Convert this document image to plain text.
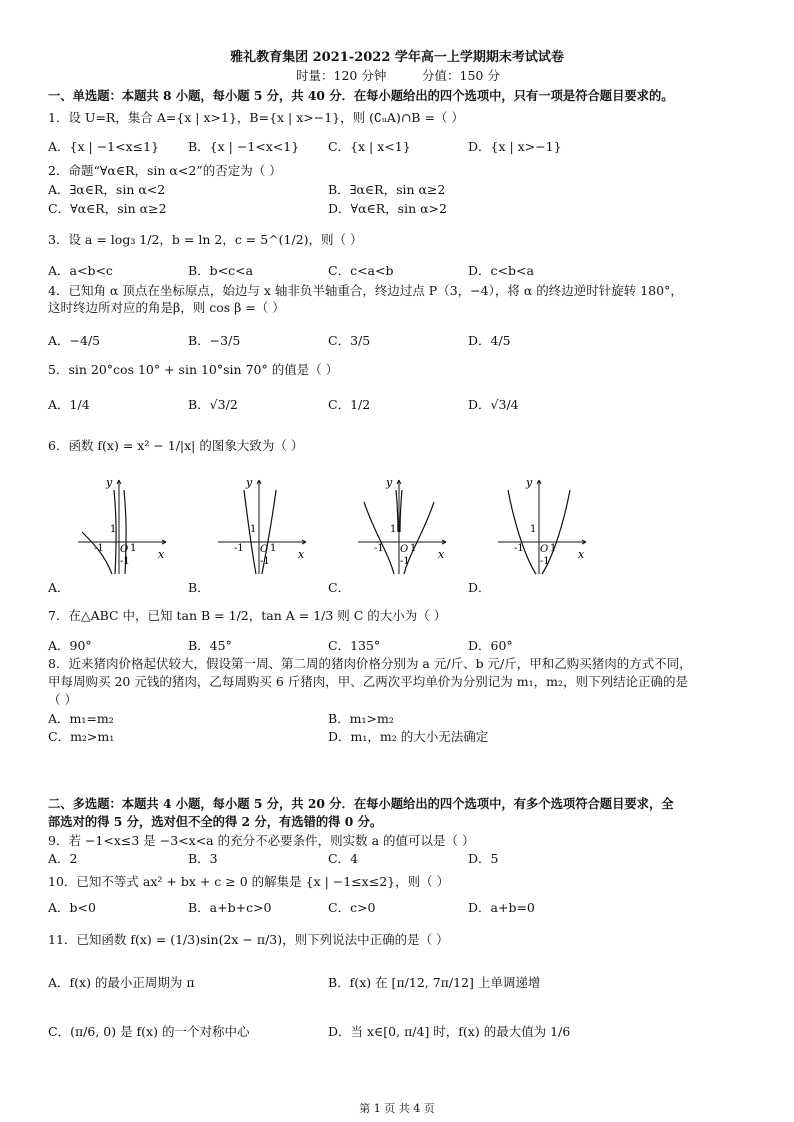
雅礼教育集团 2021-2022 学年高一上学期期末考试试卷
时量：120 分钟	分值：150 分
一、单选题：本题共 8 小题，每小题 5 分，共 40 分．在每小题给出的四个选项中，只有一项是符合题目要求的。
1．设 U=R，集合 A={x | x>1}，B={x | x>−1}，则 (∁ᵤA)∩B =（ ）
A．{x | −1<x≤1} B．{x | −1<x<1} C．{x | x<1}	D．{x | x>−1}
2．命题“∀α∈R，sin α<2”的否定为（ ）
A．∃α∈R，sin α<2	B．∃α∈R，sin α≥2
C．∀α∈R，sin α≥2	D．∀α∈R，sin α>2
3．设 a = log₃ 1/2，b = ln 2，c = 5^(1/2)，则（ ）
A．a<b<c	B．b<c<a	C．c<a<b	D．c<b<a
4．已知角 α 顶点在坐标原点，始边与 x 轴非负半轴重合，终边过点 P（3，−4），将 α 的终边逆时针旋转 180°，
这时终边所对应的角是β，则 cos β =（ ）
A．−4/5	B．−3/5	C．3/5	D．4/5
5．sin 20°cos 10° + sin 10°sin 70° 的值是（ ）
A．1/4	B．√3/2	C．1/2	D．√3/4
6．函数 f(x) = x² − 1/|x| 的图象大致为（ ）
y
x
1
-1 O 1
-1
y
x
1
-1 O 1
-1
y
x
1
-1 O 1
-1
y
x
1
-1 O 1
-1
A．	B．	C．	D．
7．在△ABC 中，已知 tan B = 1/2，tan A = 1/3 则 C 的大小为（ ）
A．90°	B．45°	C．135°	D．60°
8．近来猪肉价格起伏较大，假设第一周、第二周的猪肉价格分别为 a 元/斤、b 元/斤，甲和乙购买猪肉的方式不同，
甲每周购买 20 元钱的猪肉，乙每周购买 6 斤猪肉，甲、乙两次平均单价为分别记为 m₁，m₂，则下列结论正确的是
（ ）
A．m₁=m₂	B．m₁>m₂
C．m₂>m₁	D．m₁，m₂ 的大小无法确定
二、多选题：本题共 4 小题，每小题 5 分，共 20 分．在每小题给出的四个选项中，有多个选项符合题目要求，全
部选对的得 5 分，选对但不全的得 2 分，有选错的得 0 分。
9．若 −1<x≤3 是 −3<x<a 的充分不必要条件，则实数 a 的值可以是（ ）
A．2	B．3	C．4	D．5
10．已知不等式 ax² + bx + c ≥ 0 的解集是 {x | −1≤x≤2}，则（ ）
A．b<0	B．a+b+c>0	C．c>0	D．a+b=0
11．已知函数 f(x) = (1/3)sin(2x − π/3)，则下列说法中正确的是（ ）
A．f(x) 的最小正周期为 π	B．f(x) 在 [π/12, 7π/12] 上单调递增
C．(π/6, 0) 是 f(x) 的一个对称中心	D．当 x∈[0, π/4] 时，f(x) 的最大值为 1/6
第 1 页 共 4 页
